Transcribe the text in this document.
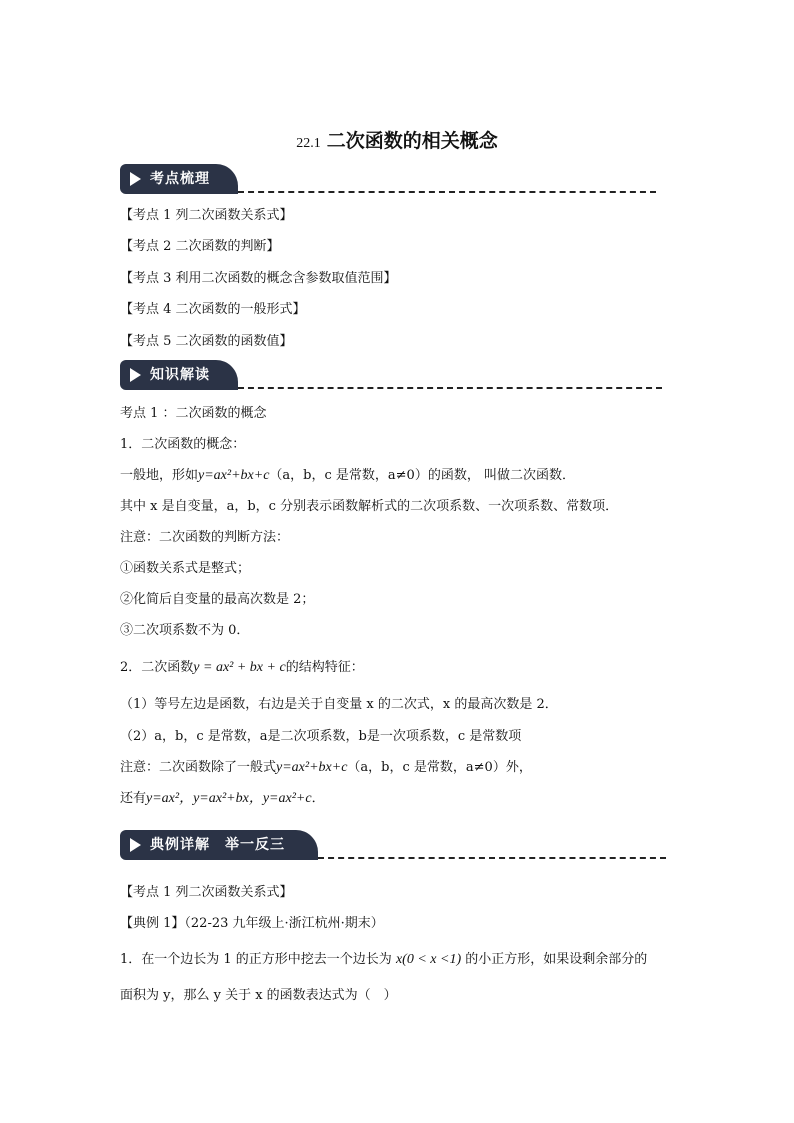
22.1 二次函数的相关概念
考点梳理
【考点 1 列二次函数关系式】
【考点 2 二次函数的判断】
【考点 3 利用二次函数的概念含参数取值范围】
【考点 4 二次函数的一般形式】
【考点 5 二次函数的函数值】
知识解读
考点 1 ：二次函数的概念
1．二次函数的概念：
一般地，形如y=ax²+bx+c（a，b，c 是常数，a≠0）的函数， 叫做二次函数．
其中 x 是自变量，a，b，c 分别表示函数解析式的二次项系数、一次项系数、常数项．
注意：二次函数的判断方法：
①函数关系式是整式；
②化简后自变量的最高次数是 2；
③二次项系数不为 0．
2．二次函数y = ax² + bx + c的结构特征：
（1）等号左边是函数，右边是关于自变量 x 的二次式，x 的最高次数是 2．
（2）a，b，c 是常数，a是二次项系数，b是一次项系数，c 是常数项
注意：二次函数除了一般式y=ax²+bx+c（a，b，c 是常数，a≠0）外，
还有y=ax²，y=ax²+bx，y=ax²+c．
典例详解　举一反三
【考点 1 列二次函数关系式】
【典例 1】（22-23 九年级上·浙江杭州·期末）
1．在一个边长为 1 的正方形中挖去一个边长为 x(0 < x <1) 的小正方形，如果设剩余部分的
面积为 y，那么 y 关于 x 的函数表达式为（　）
